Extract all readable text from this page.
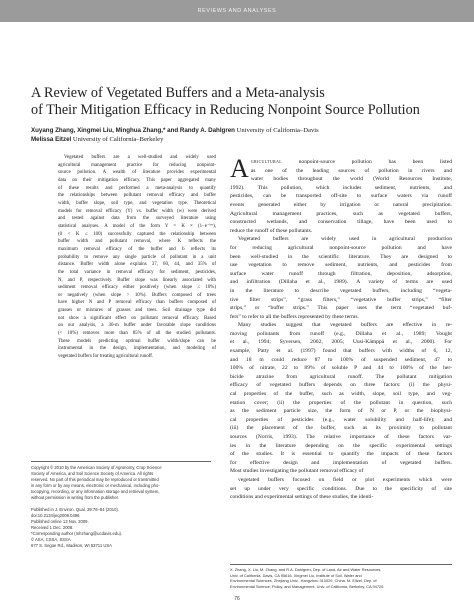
REVIEWS AND ANALYSES
A Review of Vegetated Buffers and a Meta-analysis
of Their Mitigation Efficacy in Reducing Nonpoint Source Pollution
Xuyang Zhang, Xingmei Liu, Minghua Zhang,* and Randy A. Dahlgren University of California–Davis
Melissa Eitzel University of California–Berkeley
Vegetated buffers are a well-studied and widely used
agricultural management practice for reducing nonpoint-
source pollution. A wealth of literature provides experimental
data on their mitigation efficacy. This paper aggregated many
of these results and performed a meta-analysis to quantify
the relationships between pollutant removal efficacy and buffer
width, buffer slope, soil type, and vegetation type. Theoretical
models for removal efficacy (Y) vs. buffer width (w) were derived
and tested against data from the surveyed literature using
statistical analyses. A model of the form Y = K × (1−e⁻ᵇʷ),
(0 < K ≤ 100) successfully captured the relationship between
buffer width and pollutant removal, where K reflects the
maximum removal efficacy of the buffer and b reflects its
probability to remove any single particle of pollutant in a unit
distance. Buffer width alone explains 37, 60, 44, and 35% of
the total variance in removal efficacy for sediment, pesticides,
N, and P, respectively. Buffer slope was linearly associated with
sediment removal efficacy either positively (when slope ≤ 10%)
or negatively (when slope > 10%). Buffers composed of trees
have higher N and P removal efficacy than buffers composed of
grasses or mixtures of grasses and trees. Soil drainage type did
not show a significant effect on pollutant removal efficacy. Based
on our analysis, a 30-m buffer under favorable slope conditions
(< 10%) removes more than 85% of all the studied pollutants.
These models predicting optimal buffer width/slope can be
instrumental in the design, implementation, and modeling of
vegetated buffers for treating agricultural runoff.
Copyright © 2010 by the American Society of Agronomy, Crop Science
Society of America, and Soil Science Society of America. All rights
reserved. No part of this periodical may be reproduced or transmitted
in any form or by any means, electronic or mechanical, including pho-
tocopying, recording, or any information storage and retrieval system,
without permission in writing from the publisher.
Published in J. Environ. Qual. 39:76–84 (2010).
doi:10.2134/jeq2008.0496
Published online 13 Nov. 2009.
Received 1 Dec. 2008.
*Corresponding author (mhzhang@ucdavis.edu).
© ASA, CSSA, SSSA
677 S. Segoe Rd., Madison, WI 53711 USA
Agricultural nonpoint-source pollution has been listed
as one of the leading sources of pollution in rivers and
water bodies throughout the world (World Resources Institute,
1992). This pollution, which includes sediment, nutrients, and
pesticides, can be transported off-site to surface waters via runoff
events generated either by irrigation or natural precipitation.
Agricultural management practices, such as vegetated buffers,
constructed wetlands, and conservation tillage, have been used to
reduce the runoff of these pollutants.
Vegetated buffers are widely used in agricultural production
for reducing agricultural nonpoint-source pollution and have
been well-studied in the scientific literature. They are designed to
use vegetation to remove sediment, nutrients, and pesticides from
surface water runoff through filtration, deposition, adsorption,
and infiltration (Dillaha et al., 1989). A variety of terms are used
in the literature to describe vegetated buffers, including “vegeta-
tive filter strips”, “grass filters,” “vegetative buffer strips,” “filter
strips,” or “buffer strips.” This paper uses the term “vegetated buf-
fers” to refer to all the buffers represented by these terms.
Many studies suggest that vegetated buffers are effective in re-
moving pollutants from runoff (e.g., Dillaha et al., 1989; Vought
et al., 1994; Syversen, 2002, 2005; Uusi-Kämppä et al., 2000). For
example, Patty et al. (1997) found that buffers with widths of 6, 12,
and 18 m could reduce 87 to 100% of suspended sediment, 47 to
100% of nitrate, 22 to 89% of soluble P and 44 to 100% of the her-
bicide atrazine from agricultural runoff. The pollutant mitigation
efficacy of vegetated buffers depends on three factors: (i) the physi-
cal properties of the buffer, such as width, slope, soil type, and veg-
etation cover; (ii) the properties of the pollutant in question, such
as the sediment particle size, the form of N or P, or the biophysi-
cal properties of pesticides (e.g., water solubility and half-life); and
(iii) the placement of the buffer, such as its proximity to pollutant
sources (Norris, 1993). The relative importance of these factors var-
ies in the literature depending on the specific experimental settings
of the studies. It is essential to quantify the impacts of these factors
for effective design and implementation of vegetated buffers.
Most studies investigating the pollutant removal efficacy of
vegetated buffers focused on field or plot experiments which were
set up under very specific conditions. Due to the specificity of site
conditions and experimental settings of these studies, the identi-
X. Zhang, X. Liu, M. Zhang, and R.A. Dahlgren, Dep. of Land, Air and Water Resources,
Univ. of California, Davis, CA 95616. Xingmei Liu, Institute of Soil, Water and
Environmental Sciences, Zhejiang Univ., Hangzhou 310029, China. M. Eitzel, Dep. of
Environmental Science, Policy, and Management, Univ. of California, Berkeley, CA 94720.
76
